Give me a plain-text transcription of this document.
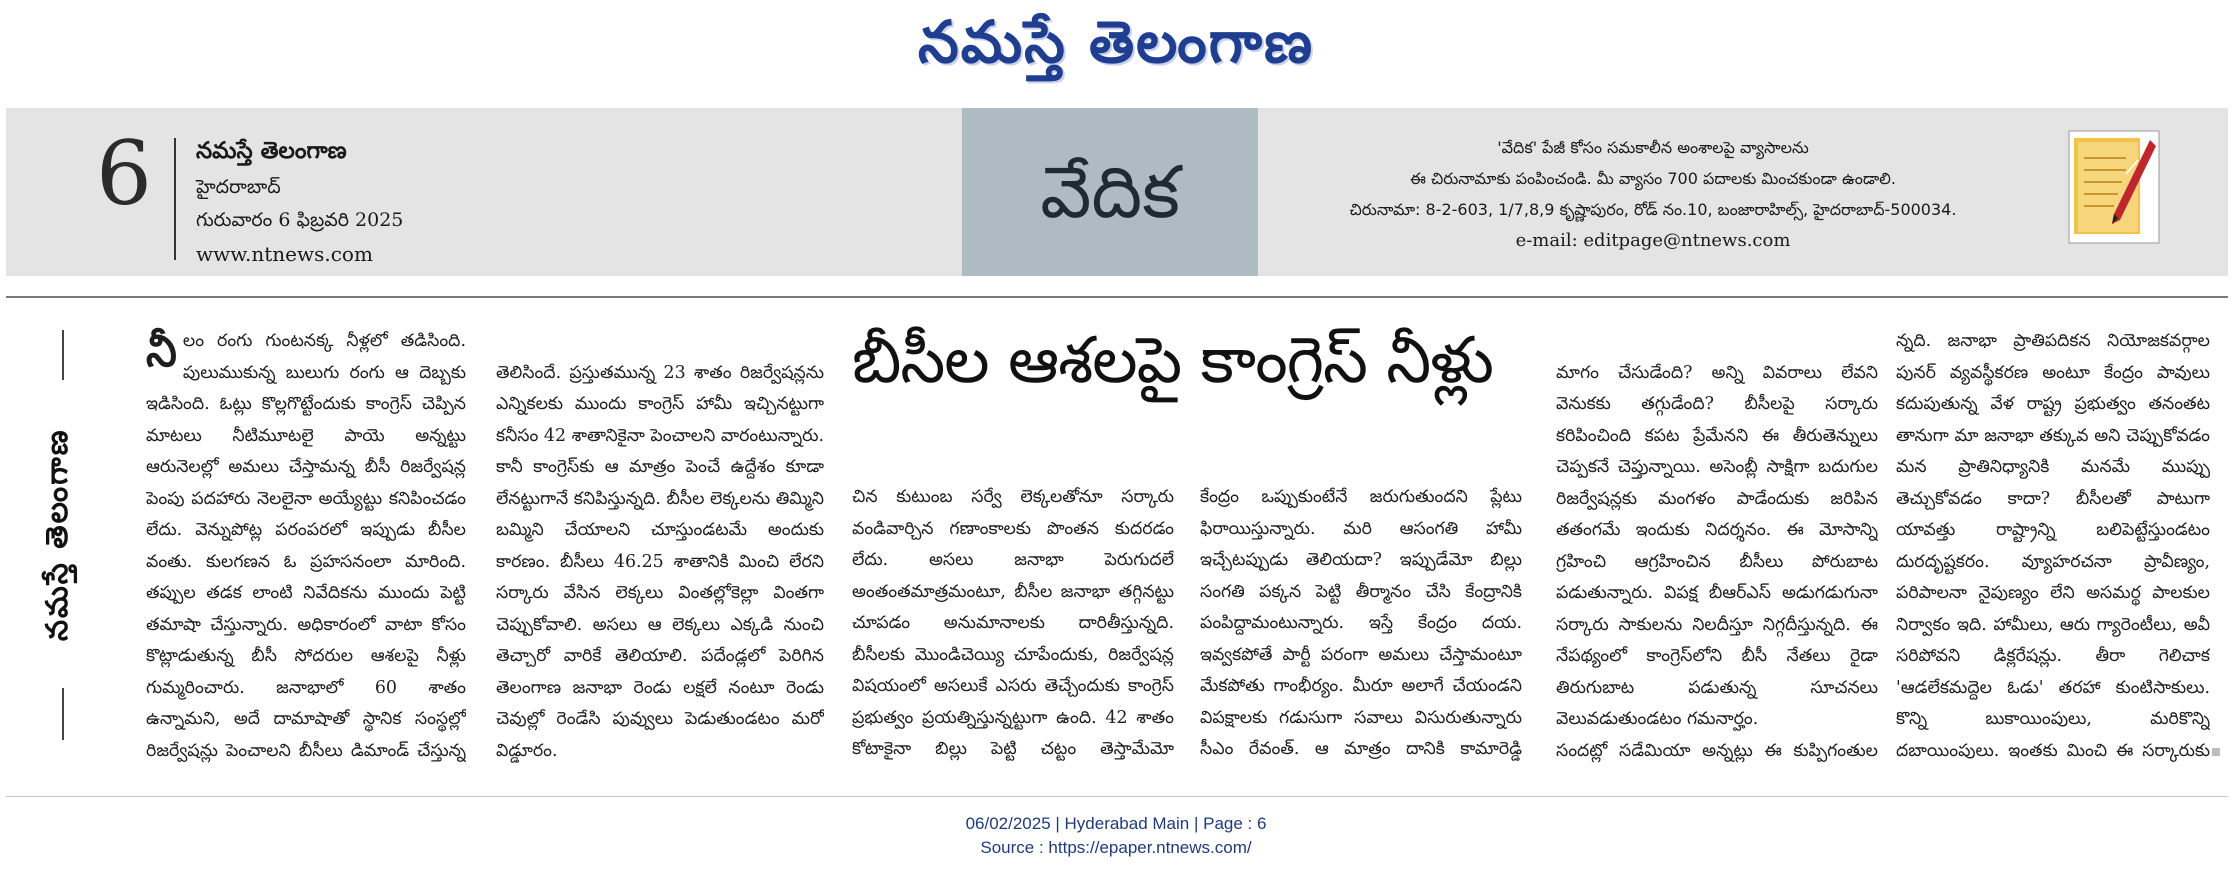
నమస్తే తెలంగాణ
6 నమస్తే తెలంగాణ
హైదరాబాద్
గురువారం 6 ఫిబ్రవరి 2025
www.ntnews.com
వేదిక
'వేదిక' పేజీ కోసం సమకాలీన అంశాలపై వ్యాసాలను
ఈ చిరునామాకు పంపించండి. మీ వ్యాసం 700 పదాలకు మించకుండా ఉండాలి.
చిరునామా: 8-2-603, 1/7,8,9 కృష్ణాపురం, రోడ్ నం.10, బంజారాహిల్స్, హైదరాబాద్-500034.
e-mail: editpage@ntnews.com
నమస్తే తెలంగాణ
బీసీల ఆశలపై కాంగ్రెస్ నీళ్లు
నీ లం రంగు గుంటనక్క నీళ్లలో తడిసింది. పులుముకున్న బులుగు రంగు ఆ దెబ్బకు ఇడిసింది. ఓట్లు కొల్లగొట్టేందుకు కాంగ్రెస్ చెప్పిన మాటలు నీటిమూటలై పాయె అన్నట్టు ఆరునెలల్లో అమలు చేస్తామన్న బీసీ రిజర్వేషన్ల పెంపు పదహారు నెలలైనా అయ్యేట్టు కనిపించడం లేదు. వెన్నుపోట్ల పరంపరలో ఇప్పుడు బీసీల వంతు. కులగణన ఓ ప్రహసనంలా మారింది. తప్పుల తడక లాంటి నివేదికను ముందు పెట్టి తమాషా చేస్తున్నారు. అధికారంలో వాటా కోసం కొట్లాడుతున్న బీసీ సోదరుల ఆశలపై నీళ్లు గుమ్మరించారు. జనాభాలో 60 శాతం ఉన్నామని, అదే దామాషాతో స్థానిక సంస్థల్లో రిజర్వేషన్లు పెంచాలని బీసీలు డిమాండ్ చేస్తున్న

తెలిసిందే. ప్రస్తుతమున్న 23 శాతం రిజర్వేషన్లను ఎన్నికలకు ముందు కాంగ్రెస్ హామీ ఇచ్చినట్టుగా కనీసం 42 శాతానికైనా పెంచాలని వారంటున్నారు. కానీ కాంగ్రెస్‌కు ఆ మాత్రం పెంచే ఉద్దేశం కూడా లేనట్టుగానే కనిపిస్తున్నది. బీసీల లెక్కలను తిమ్మిని బమ్మిని చేయాలని చూస్తుండటమే అందుకు కారణం. బీసీలు 46.25 శాతానికి మించి లేరని సర్కారు వేసిన లెక్కలు వింతల్లోకెల్లా వింతగా చెప్పుకోవాలి. అసలు ఆ లెక్కలు ఎక్కడి నుంచి తెచ్చారో వారికే తెలియాలి. పదేండ్లలో పెరిగిన తెలంగాణ జనాభా రెండు లక్షలే నంటూ రెండు చెవుల్లో రెండేసి పువ్వులు పెడుతుండటం మరో విడ్డూరం.

చిన కుటుంబ సర్వే లెక్కలతోనూ సర్కారు వండివార్చిన గణాంకాలకు పొంతన కుదరడం లేదు. అసలు జనాభా పెరుగుదలే అంతంతమాత్రమంటూ, బీసీల జనాభా తగ్గినట్టు చూపడం అనుమానాలకు దారితీస్తున్నది. బీసీలకు మొండిచెయ్యి చూపేందుకు, రిజర్వేషన్ల విషయంలో అసలుకే ఎసరు తెచ్చేందుకు కాంగ్రెస్ ప్రభుత్వం ప్రయత్నిస్తున్నట్టుగా ఉంది. 42 శాతం కోటాకైనా బిల్లు పెట్టి చట్టం తెస్తామేమో

కేంద్రం ఒప్పుకుంటేనే జరుగుతుందని ప్లేటు ఫిరాయిస్తున్నారు. మరి ఆసంగతి హామీ ఇచ్చేటప్పుడు తెలియదా? ఇప్పుడేమో బిల్లు సంగతి పక్కన పెట్టి తీర్మానం చేసి కేంద్రానికి పంపిద్దామంటున్నారు. ఇస్తే కేంద్రం దయ. ఇవ్వకపోతే పార్టీ పరంగా అమలు చేస్తామంటూ మేకపోతు గాంభీర్యం. మీరూ అలాగే చేయండని విపక్షాలకు గడుసుగా సవాలు విసురుతున్నారు సీఎం రేవంత్. ఆ మాత్రం దానికి కామారెడ్డి

మాగం చేసుడేంది? అన్ని వివరాలు లేవని వెనుకకు తగ్గుడేంది? బీసీలపై సర్కారు కరిపించింది కపట ప్రేమేనని ఈ తీరుతెన్నులు చెప్పకనే చెప్తున్నాయి. అసెంబ్లీ సాక్షిగా బదుగుల రిజర్వేషన్లకు మంగళం పాడేందుకు జరిపిన తతంగమే ఇందుకు నిదర్శనం. ఈ మోసాన్ని గ్రహించి ఆగ్రహించిన బీసీలు పోరుబాట పడుతున్నారు. విపక్ష బీఆర్‌ఎస్ అడుగడుగునా సర్కారు సాకులను నిలదీస్తూ నిగ్గదీస్తున్నది. ఈ నేపథ్యంలో కాంగ్రెస్‌లోని బీసీ నేతలు రైడా తిరుగుబాట పడుతున్న సూచనలు వెలువడుతుండటం గమనార్హం.
సందట్లో సడేమియా అన్నట్లు ఈ కుప్పిగంతుల

న్నది. జనాభా ప్రాతిపదికన నియోజకవర్గాల పునర్ వ్యవస్థీకరణ అంటూ కేంద్రం పావులు కదుపుతున్న వేళ రాష్ట్ర ప్రభుత్వం తనంతట తానుగా మా జనాభా తక్కువ అని చెప్పుకోవడం మన ప్రాతినిధ్యానికి మనమే ముప్పు తెచ్చుకోవడం కాదా? బీసీలతో పాటుగా యావత్తు రాష్ట్రాన్ని బలిపెట్టేస్తుండటం దురదృష్టకరం. వ్యూహరచనా ప్రావీణ్యం, పరిపాలనా నైపుణ్యం లేని అసమర్థ పాలకుల నిర్వాకం ఇది. హామీలు, ఆరు గ్యారెంటీలు, అవీ సరిపోవని డిక్లరేషన్లు. తీరా గెలిచాక 'ఆడలేకమద్దెల ఓడు' తరహా కుంటిసాకులు. కొన్ని బుకాయింపులు, మరికొన్ని దబాయింపులు. ఇంతకు మించి ఈ సర్కారుకు

06/02/2025 | Hyderabad Main | Page : 6
Source : https://epaper.ntnews.com/
